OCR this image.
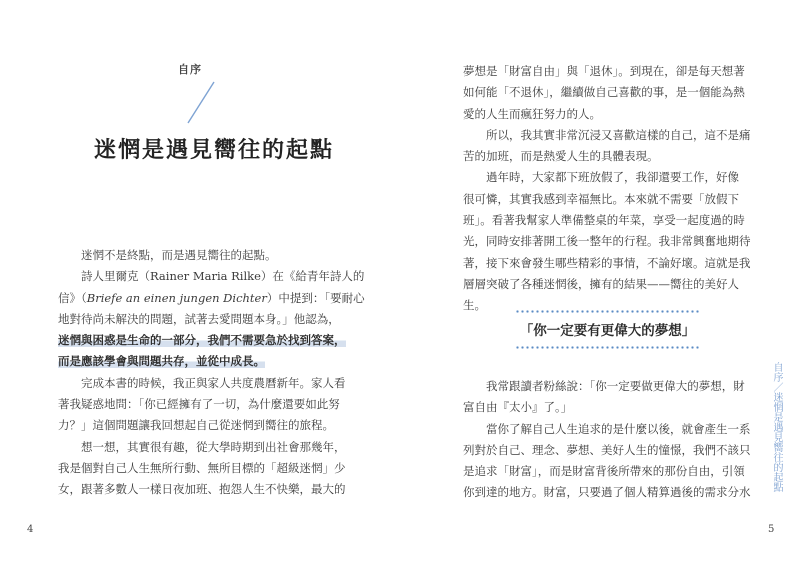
自序
迷惘是遇見嚮往的起點
迷惘不是終點，而是遇見嚮往的起點。
詩人里爾克（Rainer Maria Rilke）在《給青年詩人的
信》（Briefe an einen jungen Dichter）中提到：「要耐心
地對待尚未解決的問題，試著去愛問題本身。」他認為，
迷惘與困惑是生命的一部分，我們不需要急於找到答案，
而是應該學會與問題共存，並從中成長。
完成本書的時候，我正與家人共度農曆新年。家人看
著我疑惑地問：「你已經擁有了一切，為什麼還要如此努
力？」這個問題讓我回想起自己從迷惘到嚮往的旅程。
想一想，其實很有趣，從大學時期到出社會那幾年，
我是個對自己人生無所行動、無所目標的「超級迷惘」少
女，跟著多數人一樣日夜加班、抱怨人生不快樂，最大的
4
夢想是「財富自由」與「退休」。到現在，卻是每天想著
如何能「不退休」，繼續做自己喜歡的事，是一個能為熱
愛的人生而瘋狂努力的人。
所以，我其實非常沉浸又喜歡這樣的自己，這不是痛
苦的加班，而是熱愛人生的具體表現。
過年時，大家都下班放假了，我卻還要工作，好像
很可憐，其實我感到幸福無比。本來就不需要「放假下
班」。看著我幫家人準備整桌的年菜，享受一起度過的時
光，同時安排著開工後一整年的行程。我非常興奮地期待
著，接下來會發生哪些精彩的事情，不論好壞。這就是我
層層突破了各種迷惘後，擁有的結果——嚮往的美好人
生。
「你一定要有更偉大的夢想」
我常跟讀者粉絲說：「你一定要做更偉大的夢想，財
富自由『太小』了。」
當你了解自己人生追求的是什麼以後，就會產生一系
列對於自己、理念、夢想、美好人生的憧憬，我們不該只
是追求「財富」，而是財富背後所帶來的那份自由，引領
你到達的地方。財富，只要過了個人精算過後的需求分水
自序／迷惘是遇見嚮往的起點
5
